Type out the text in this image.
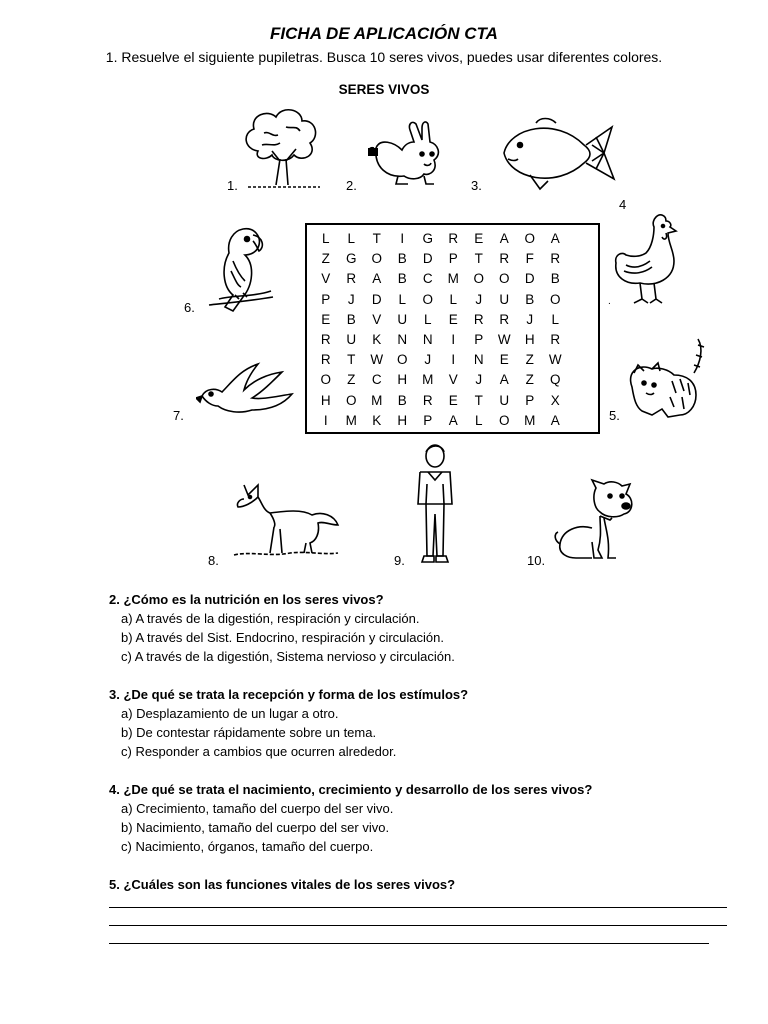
FICHA DE APLICACIÓN CTA
1. Resuelve el siguiente pupiletras. Busca 10 seres vivos, puedes usar diferentes colores.
SERES VIVOS
1.	2.	3.
4
6.
L	L	T	I	G	R	E	A	O	A
Z	G	O	B	D	P	T	R	F	R
V	R	A	B	C	M	O	O	D	B
P	J	D	L	O	L	J	U	B	O
E	B	V	U	L	E	R	R	J	L
R	U	K	N	N	I	P	W	H	R
R	T	W	O	J	I	N	E	Z	W
O	Z	C	H	M	V	J	A	Z	Q
H	O	M	B	R	E	T	U	P	X
I	M	K	H	P	A	L	O	M	A
.
7.	5.
8.	9.	10.
2. ¿Cómo es la nutrición en los seres vivos?
a) A través de la digestión, respiración y circulación.
b) A través del Sist. Endocrino, respiración y circulación.
c) A través de la digestión, Sistema nervioso y circulación.
3. ¿De qué se trata la recepción y forma de los estímulos?
a) Desplazamiento de un lugar a otro.
b) De contestar rápidamente sobre un tema.
c) Responder a cambios que ocurren alrededor.
4. ¿De qué se trata el nacimiento, crecimiento y desarrollo de los seres vivos?
a) Crecimiento, tamaño del cuerpo del ser vivo.
b) Nacimiento, tamaño del cuerpo del ser vivo.
c) Nacimiento, órganos, tamaño del cuerpo.
5. ¿Cuáles son las funciones vitales de los seres vivos?
